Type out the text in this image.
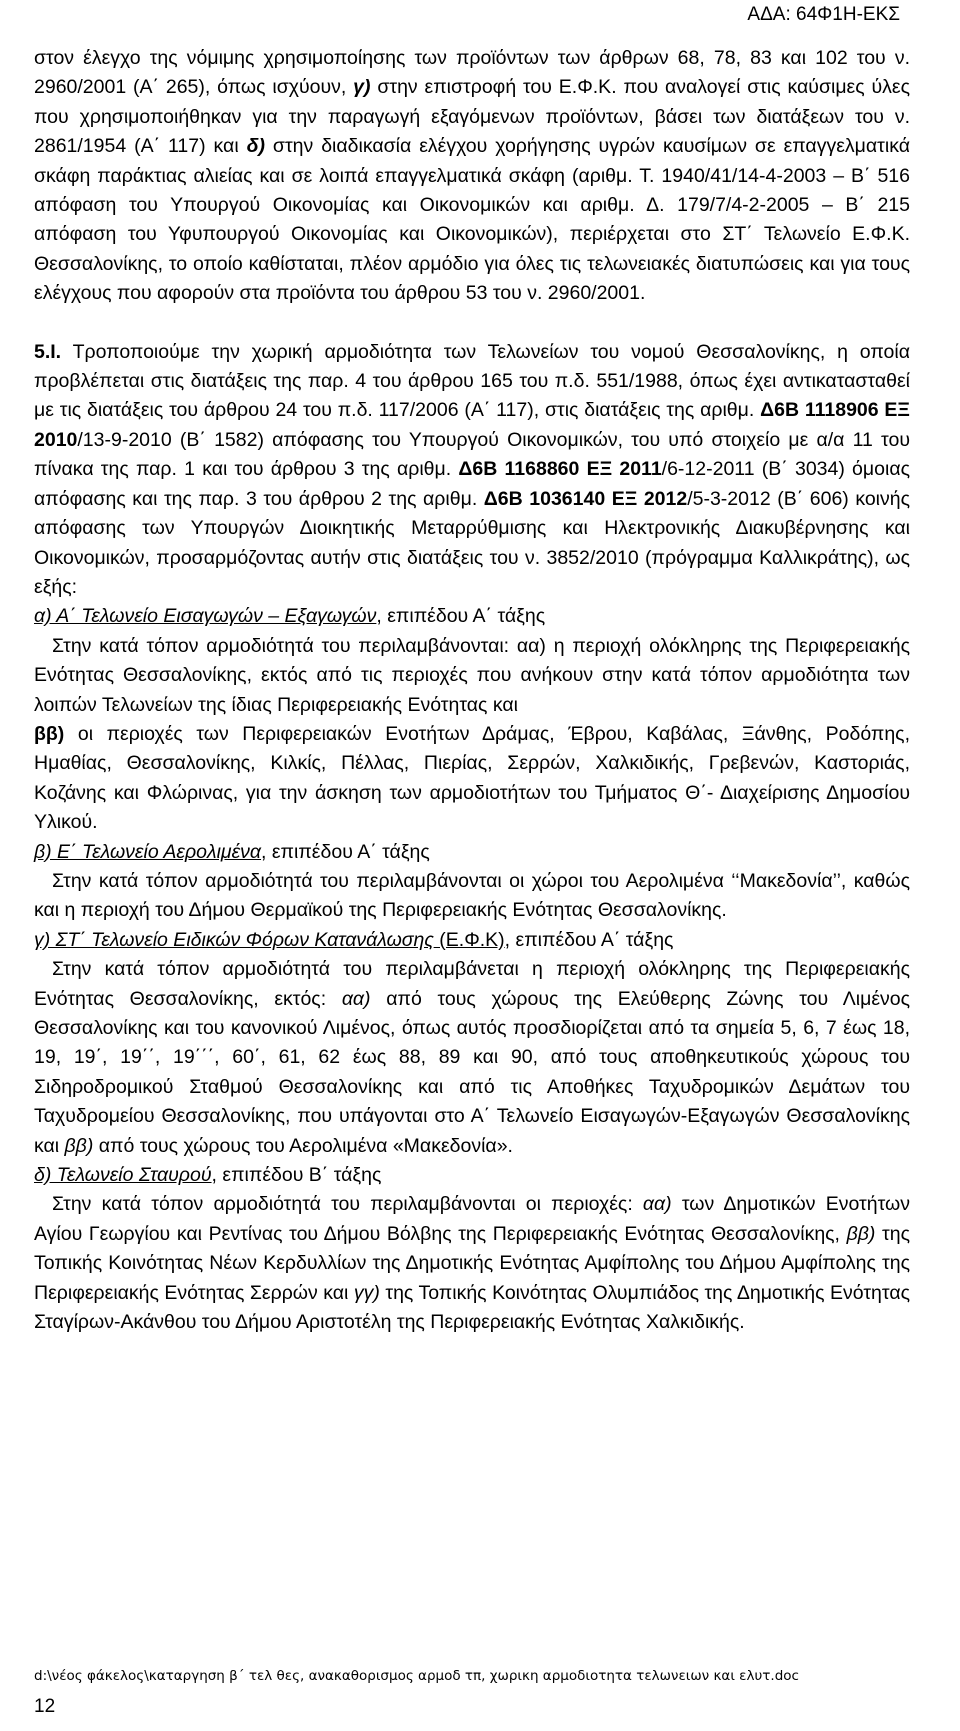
ΑΔΑ: 64Φ1Η-ΕΚΣ

στον έλεγχο της νόμιμης χρησιμοποίησης των προϊόντων των άρθρων 68, 78, 83 και 102 του ν. 2960/2001 (Α΄ 265), όπως ισχύουν, γ) στην επιστροφή του Ε.Φ.Κ. που αναλογεί στις καύσιμες ύλες που χρησιμοποιήθηκαν για την παραγωγή εξαγόμενων προϊόντων, βάσει των διατάξεων του ν. 2861/1954 (Α΄ 117) και δ) στην διαδικασία ελέγχου χορήγησης υγρών καυσίμων σε επαγγελματικά σκάφη παράκτιας αλιείας και σε λοιπά επαγγελματικά σκάφη (αριθμ. Τ. 1940/41/14-4-2003 – Β΄ 516 απόφαση του Υπουργού Οικονομίας και Οικονομικών και αριθμ. Δ. 179/7/4-2-2005 – Β΄ 215 απόφαση του Υφυπουργού Οικονομίας και Οικονομικών), περιέρχεται στο ΣΤ΄ Τελωνείο Ε.Φ.Κ. Θεσσαλονίκης, το οποίο καθίσταται, πλέον αρμόδιο για όλες τις τελωνειακές διατυπώσεις και για τους ελέγχους που αφορούν στα προϊόντα του άρθρου 53 του ν. 2960/2001.

5.Ι. Τροποποιούμε την χωρική αρμοδιότητα των Τελωνείων του νομού Θεσσαλονίκης, η οποία προβλέπεται στις διατάξεις της παρ. 4 του άρθρου 165 του π.δ. 551/1988, όπως έχει αντικατασταθεί με τις διατάξεις του άρθρου 24 του π.δ. 117/2006 (Α΄ 117), στις διατάξεις της αριθμ. Δ6Β 1118906 ΕΞ 2010/13-9-2010 (Β΄ 1582) απόφασης του Υπουργού Οικονομικών, του υπό στοιχείο με α/α 11 του πίνακα της παρ. 1 και του άρθρου 3 της αριθμ. Δ6Β 1168860 ΕΞ 2011/6-12-2011 (Β΄ 3034) όμοιας απόφασης και της παρ. 3 του άρθρου 2 της αριθμ. Δ6Β 1036140 ΕΞ 2012/5-3-2012 (Β΄ 606) κοινής απόφασης των Υπουργών Διοικητικής Μεταρρύθμισης και Ηλεκτρονικής Διακυβέρνησης και Οικονομικών, προσαρμόζοντας αυτήν στις διατάξεις του ν. 3852/2010 (πρόγραμμα Καλλικράτης), ως εξής:

α) Α΄ Τελωνείο Εισαγωγών – Εξαγωγών, επιπέδου Α΄ τάξης

Στην κατά τόπον αρμοδιότητά του περιλαμβάνονται: αα) η περιοχή ολόκληρης της Περιφερειακής Ενότητας Θεσσαλονίκης, εκτός από τις περιοχές που ανήκουν στην κατά τόπον αρμοδιότητα των λοιπών Τελωνείων της ίδιας Περιφερειακής Ενότητας και

ββ) οι περιοχές των Περιφερειακών Ενοτήτων Δράμας, Έβρου, Καβάλας, Ξάνθης, Ροδόπης, Ημαθίας, Θεσσαλονίκης, Κιλκίς, Πέλλας, Πιερίας, Σερρών, Χαλκιδικής, Γρεβενών, Καστοριάς, Κοζάνης και Φλώρινας, για την άσκηση των αρμοδιοτήτων του Τμήματος Θ΄- Διαχείρισης Δημοσίου Υλικού.

β) Ε΄ Τελωνείο Αερολιμένα, επιπέδου Α΄ τάξης

Στην κατά τόπον αρμοδιότητά του περιλαμβάνονται οι χώροι του Αερολιμένα ‘‘Μακεδονία’’, καθώς και η περιοχή του Δήμου Θερμαϊκού της Περιφερειακής Ενότητας Θεσσαλονίκης.

γ) ΣΤ΄ Τελωνείο Ειδικών Φόρων Κατανάλωσης (Ε.Φ.Κ), επιπέδου Α΄ τάξης

Στην κατά τόπον αρμοδιότητά του περιλαμβάνεται η περιοχή ολόκληρης της Περιφερειακής Ενότητας Θεσσαλονίκης, εκτός: αα) από τους χώρους της Ελεύθερης Ζώνης του Λιμένος Θεσσαλονίκης και του κανονικού Λιμένος, όπως αυτός προσδιορίζεται από τα σημεία 5, 6, 7 έως 18, 19, 19΄, 19΄΄, 19΄΄΄, 60΄, 61, 62 έως 88, 89 και 90, από τους αποθηκευτικούς χώρους του Σιδηροδρομικού Σταθμού Θεσσαλονίκης και από τις Αποθήκες Ταχυδρομικών Δεμάτων του Ταχυδρομείου Θεσσαλονίκης, που υπάγονται στο Α΄ Τελωνείο Εισαγωγών-Εξαγωγών Θεσσαλονίκης και ββ) από τους χώρους του Αερολιμένα «Μακεδονία».

δ) Τελωνείο Σταυρού, επιπέδου Β΄ τάξης

Στην κατά τόπον αρμοδιότητά του περιλαμβάνονται οι περιοχές: αα) των Δημοτικών Ενοτήτων Αγίου Γεωργίου και Ρεντίνας του Δήμου Βόλβης της Περιφερειακής Ενότητας Θεσσαλονίκης, ββ) της Τοπικής Κοινότητας Νέων Κερδυλλίων της Δημοτικής Ενότητας Αμφίπολης του Δήμου Αμφίπολης της Περιφερειακής Ενότητας Σερρών και γγ) της Τοπικής Κοινότητας Ολυμπιάδος της Δημοτικής Ενότητας Σταγίρων-Ακάνθου του Δήμου Αριστοτέλη της Περιφερειακής Ενότητας Χαλκιδικής.

d:\νέος φάκελος\καταργηση β΄ τελ θες, ανακαθορισμος αρμοδ τπ, χωρικη αρμοδιοτητα τελωνειων και ελυτ.doc
12
